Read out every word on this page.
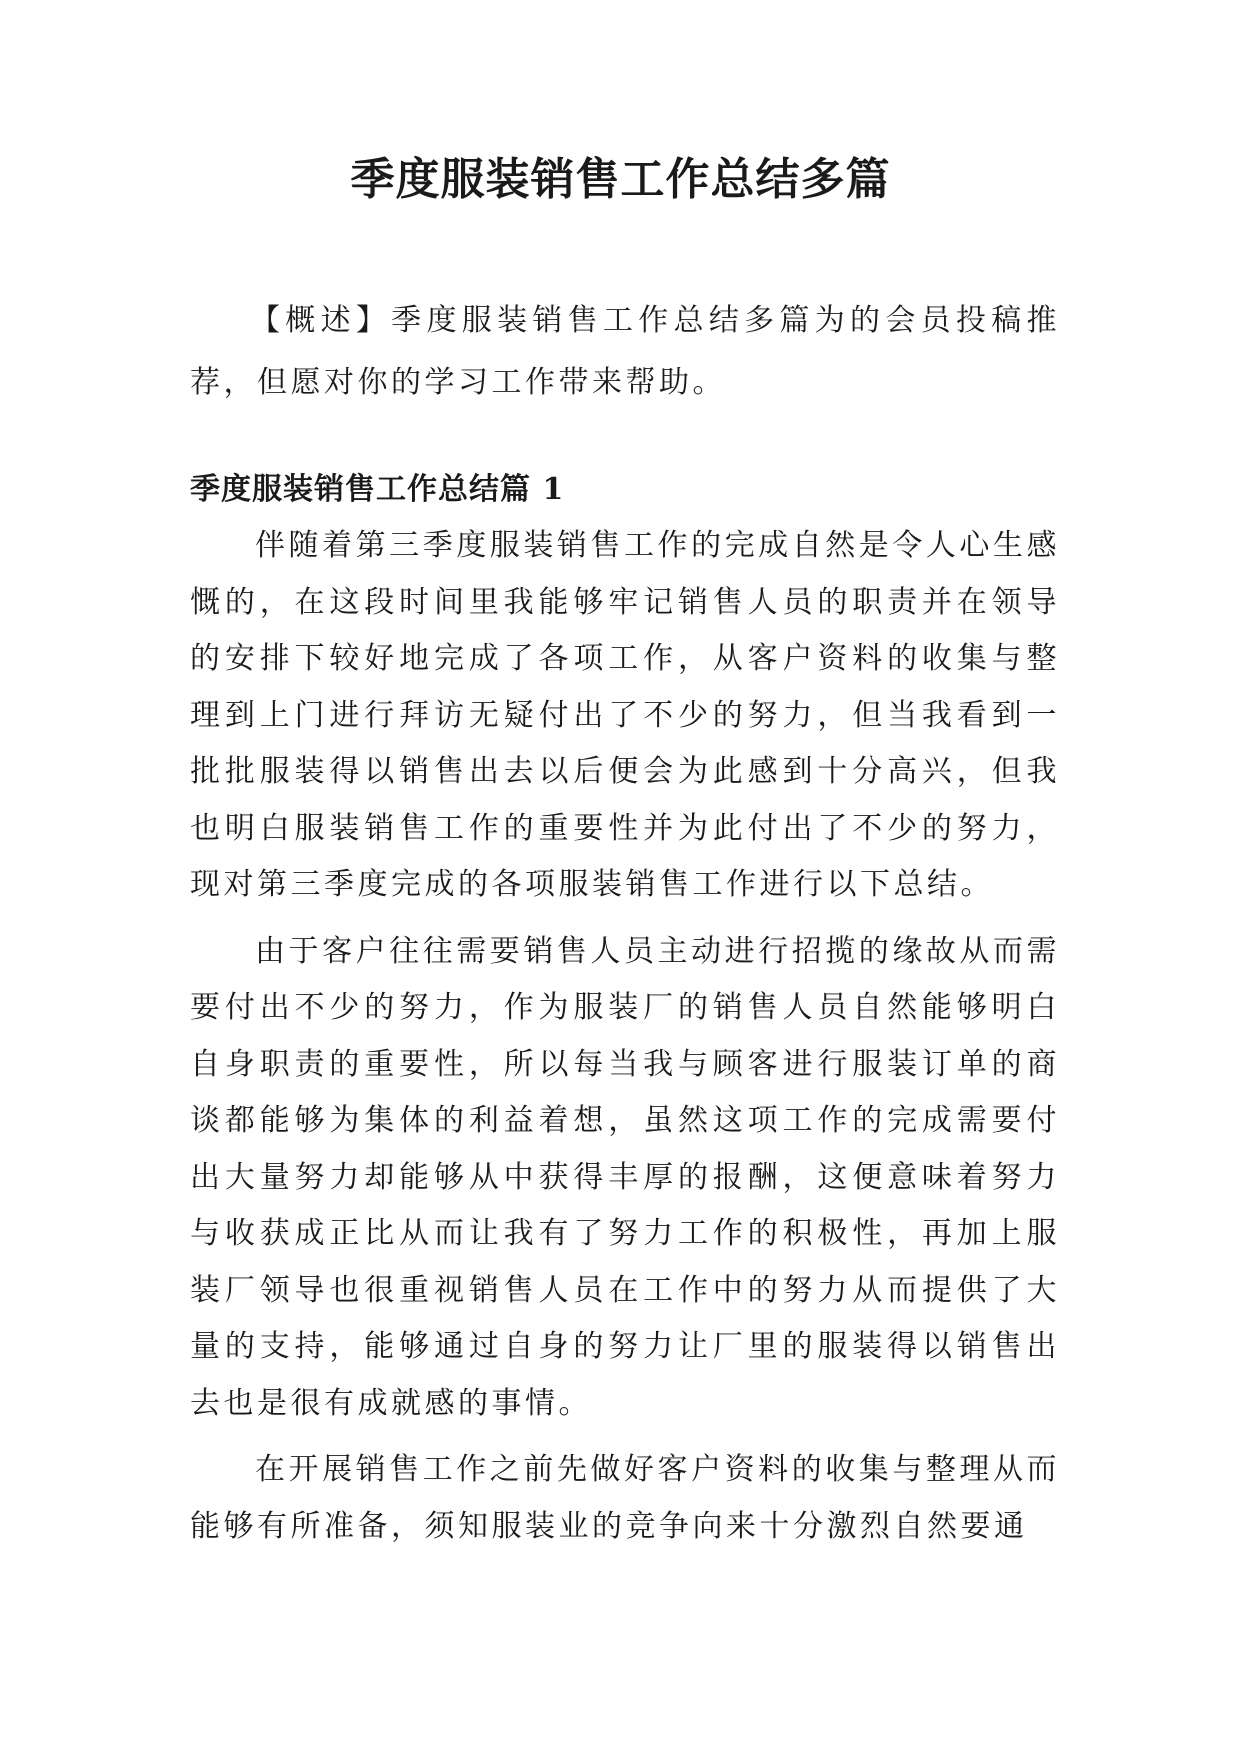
季度服装销售工作总结多篇

【概述】季度服装销售工作总结多篇为的会员投稿推荐，但愿对你的学习工作带来帮助。

季度服装销售工作总结篇 1

伴随着第三季度服装销售工作的完成自然是令人心生感慨的，在这段时间里我能够牢记销售人员的职责并在领导的安排下较好地完成了各项工作，从客户资料的收集与整理到上门进行拜访无疑付出了不少的努力，但当我看到一批批服装得以销售出去以后便会为此感到十分高兴，但我也明白服装销售工作的重要性并为此付出了不少的努力，现对第三季度完成的各项服装销售工作进行以下总结。

由于客户往往需要销售人员主动进行招揽的缘故从而需要付出不少的努力，作为服装厂的销售人员自然能够明白自身职责的重要性，所以每当我与顾客进行服装订单的商谈都能够为集体的利益着想，虽然这项工作的完成需要付出大量努力却能够从中获得丰厚的报酬，这便意味着努力与收获成正比从而让我有了努力工作的积极性，再加上服装厂领导也很重视销售人员在工作中的努力从而提供了大量的支持，能够通过自身的努力让厂里的服装得以销售出去也是很有成就感的事情。

在开展销售工作之前先做好客户资料的收集与整理从而能够有所准备，须知服装业的竞争向来十分激烈自然要通
